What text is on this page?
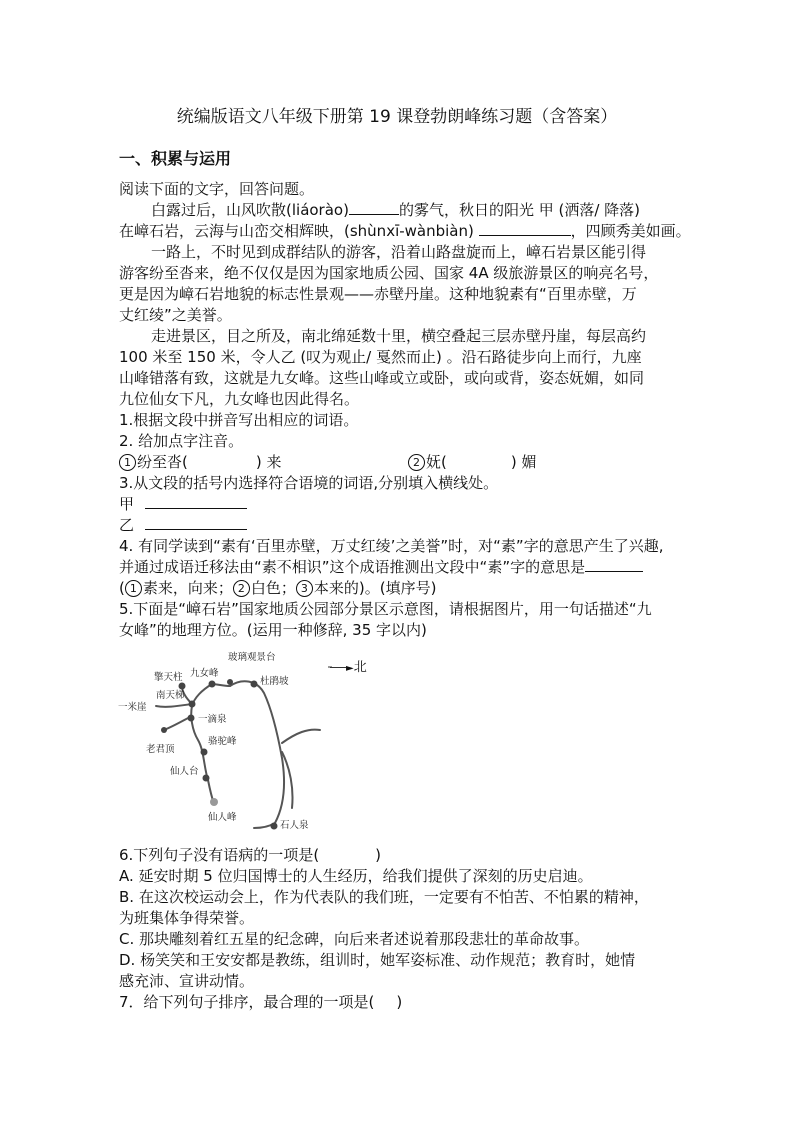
统编版语文八年级下册第 19 课登勃朗峰练习题（含答案）
一、积累与运用
阅读下面的文字，回答问题。
白露过后，山风吹散(liáorào)	的雾气，秋日的阳光 甲 (洒落/ 降落)
在嶂石岩，云海与山峦交相辉映，(shùnxī-wànbiàn)	，四顾秀美如画。
一路上，不时见到成群结队的游客，沿着山路盘旋而上，嶂石岩景区能引得
游客纷至沓来，绝不仅仅是因为国家地质公园、国家 4A 级旅游景区的响亮名号，
更是因为嶂石岩地貌的标志性景观——赤壁丹崖。这种地貌素有“百里赤壁，万
丈红绫”之美誉。
走进景区，目之所及，南北绵延数十里，横空叠起三层赤壁丹崖，每层高约
100 米至 150 米，令人乙 (叹为观止/ 戛然而止) 。沿石路徒步向上而行，九座
山峰错落有致，这就是九女峰。这些山峰或立或卧，或向或背，姿态妩媚，如同
九位仙女下凡，九女峰也因此得名。
1.根据文段中拼音写出相应的词语。
2. 给加点字注音。
1 纷至沓(	) 来	2 妩(	) 媚
3.从文段的括号内选择符合语境的词语,分别填入横线处。
甲
乙
4. 有同学读到“素有‘百里赤壁，万丈红绫’之美誉”时，对“素”字的意思产生了兴趣,
并通过成语迁移法由“素不相识”这个成语推测出文段中“素”字的意思是
( 1 素来，向来； 2 白色； 3 本来的)。(填序号)
5.下面是“嶂石岩”国家地质公园部分景区示意图，请根据图片，用一句话描述“九
女峰”的地理方位。(运用一种修辞, 35 字以内)
玻璃观景台
擎天柱 九女峰
杜鹃坡
南天梯
一米崖
一滴泉
老君顶
骆驼峰
仙人台
仙人峰
石人泉
►北
6.下列句子没有语病的一项是(	)
A. 延安时期 5 位归国博士的人生经历，给我们提供了深刻的历史启迪。
B. 在这次校运动会上，作为代表队的我们班，一定要有不怕苦、不怕累的精神，
为班集体争得荣誉。
C. 那块雕刻着红五星的纪念碑，向后来者述说着那段悲壮的革命故事。
D. 杨笑笑和王安安都是教练，组训时，她军姿标准、动作规范；教育时，她情
感充沛、宣讲动情。
7．给下列句子排序，最合理的一项是( )
